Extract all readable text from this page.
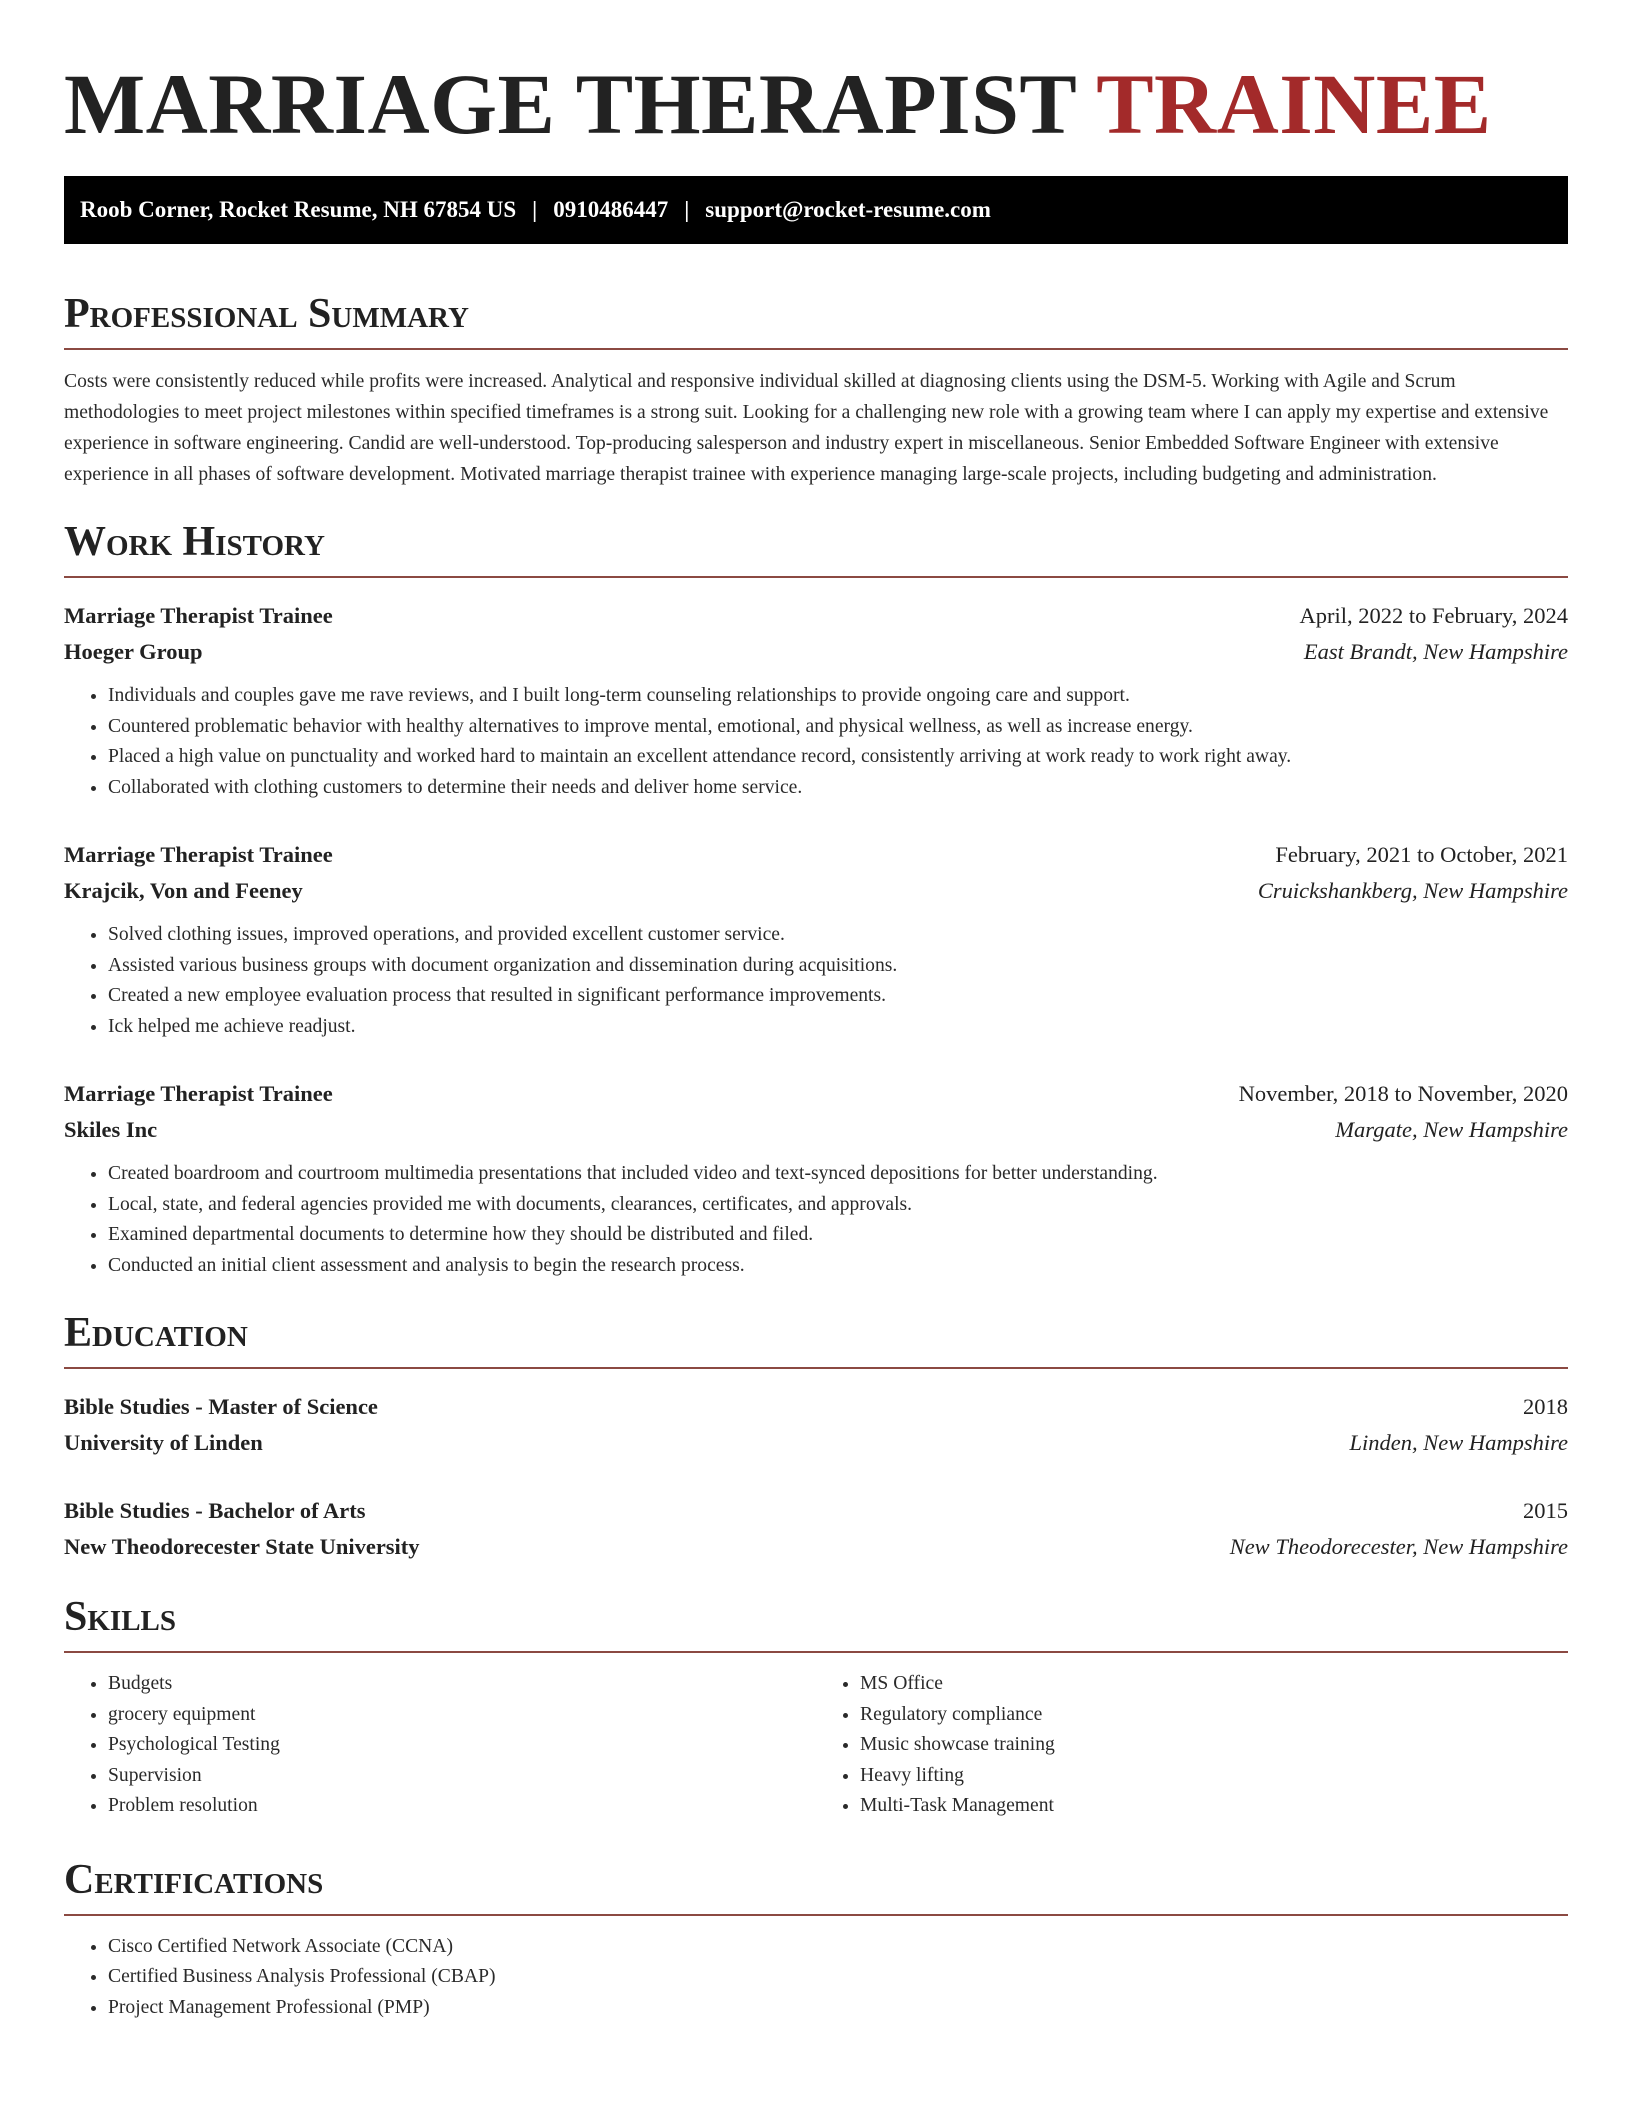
MARRIAGE THERAPIST TRAINEE
Roob Corner, Rocket Resume, NH 67854 US | 0910486447 | support@rocket-resume.com
Professional Summary

Costs were consistently reduced while profits were increased. Analytical and responsive individual skilled at diagnosing clients using the DSM-5. Working with Agile and Scrum methodologies to meet project milestones within specified timeframes is a strong suit. Looking for a challenging new role with a growing team where I can apply my expertise and extensive experience in software engineering. Candid are well-understood. Top-producing salesperson and industry expert in miscellaneous. Senior Embedded Software Engineer with extensive experience in all phases of software development. Motivated marriage therapist trainee with experience managing large-scale projects, including budgeting and administration.

Work History
Marriage Therapist Trainee	April, 2022 to February, 2024
Hoeger Group	East Brandt, New Hampshire
• Individuals and couples gave me rave reviews, and I built long-term counseling relationships to provide ongoing care and support.
• Countered problematic behavior with healthy alternatives to improve mental, emotional, and physical wellness, as well as increase energy.
• Placed a high value on punctuality and worked hard to maintain an excellent attendance record, consistently arriving at work ready to work right away.
• Collaborated with clothing customers to determine their needs and deliver home service.
Marriage Therapist Trainee	February, 2021 to October, 2021
Krajcik, Von and Feeney	Cruickshankberg, New Hampshire
• Solved clothing issues, improved operations, and provided excellent customer service.
• Assisted various business groups with document organization and dissemination during acquisitions.
• Created a new employee evaluation process that resulted in significant performance improvements.
• Ick helped me achieve readjust.
Marriage Therapist Trainee	November, 2018 to November, 2020
Skiles Inc	Margate, New Hampshire
• Created boardroom and courtroom multimedia presentations that included video and text-synced depositions for better understanding.
• Local, state, and federal agencies provided me with documents, clearances, certificates, and approvals.
• Examined departmental documents to determine how they should be distributed and filed.
• Conducted an initial client assessment and analysis to begin the research process.
Education
Bible Studies - Master of Science	2018
University of Linden	Linden, New Hampshire
Bible Studies - Bachelor of Arts	2015
New Theodorecester State University	New Theodorecester, New Hampshire
Skills
• Budgets
• grocery equipment
• Psychological Testing
• Supervision
• Problem resolution
• MS Office
• Regulatory compliance
• Music showcase training
• Heavy lifting
• Multi-Task Management
Certifications
• Cisco Certified Network Associate (CCNA)
• Certified Business Analysis Professional (CBAP)
• Project Management Professional (PMP)
